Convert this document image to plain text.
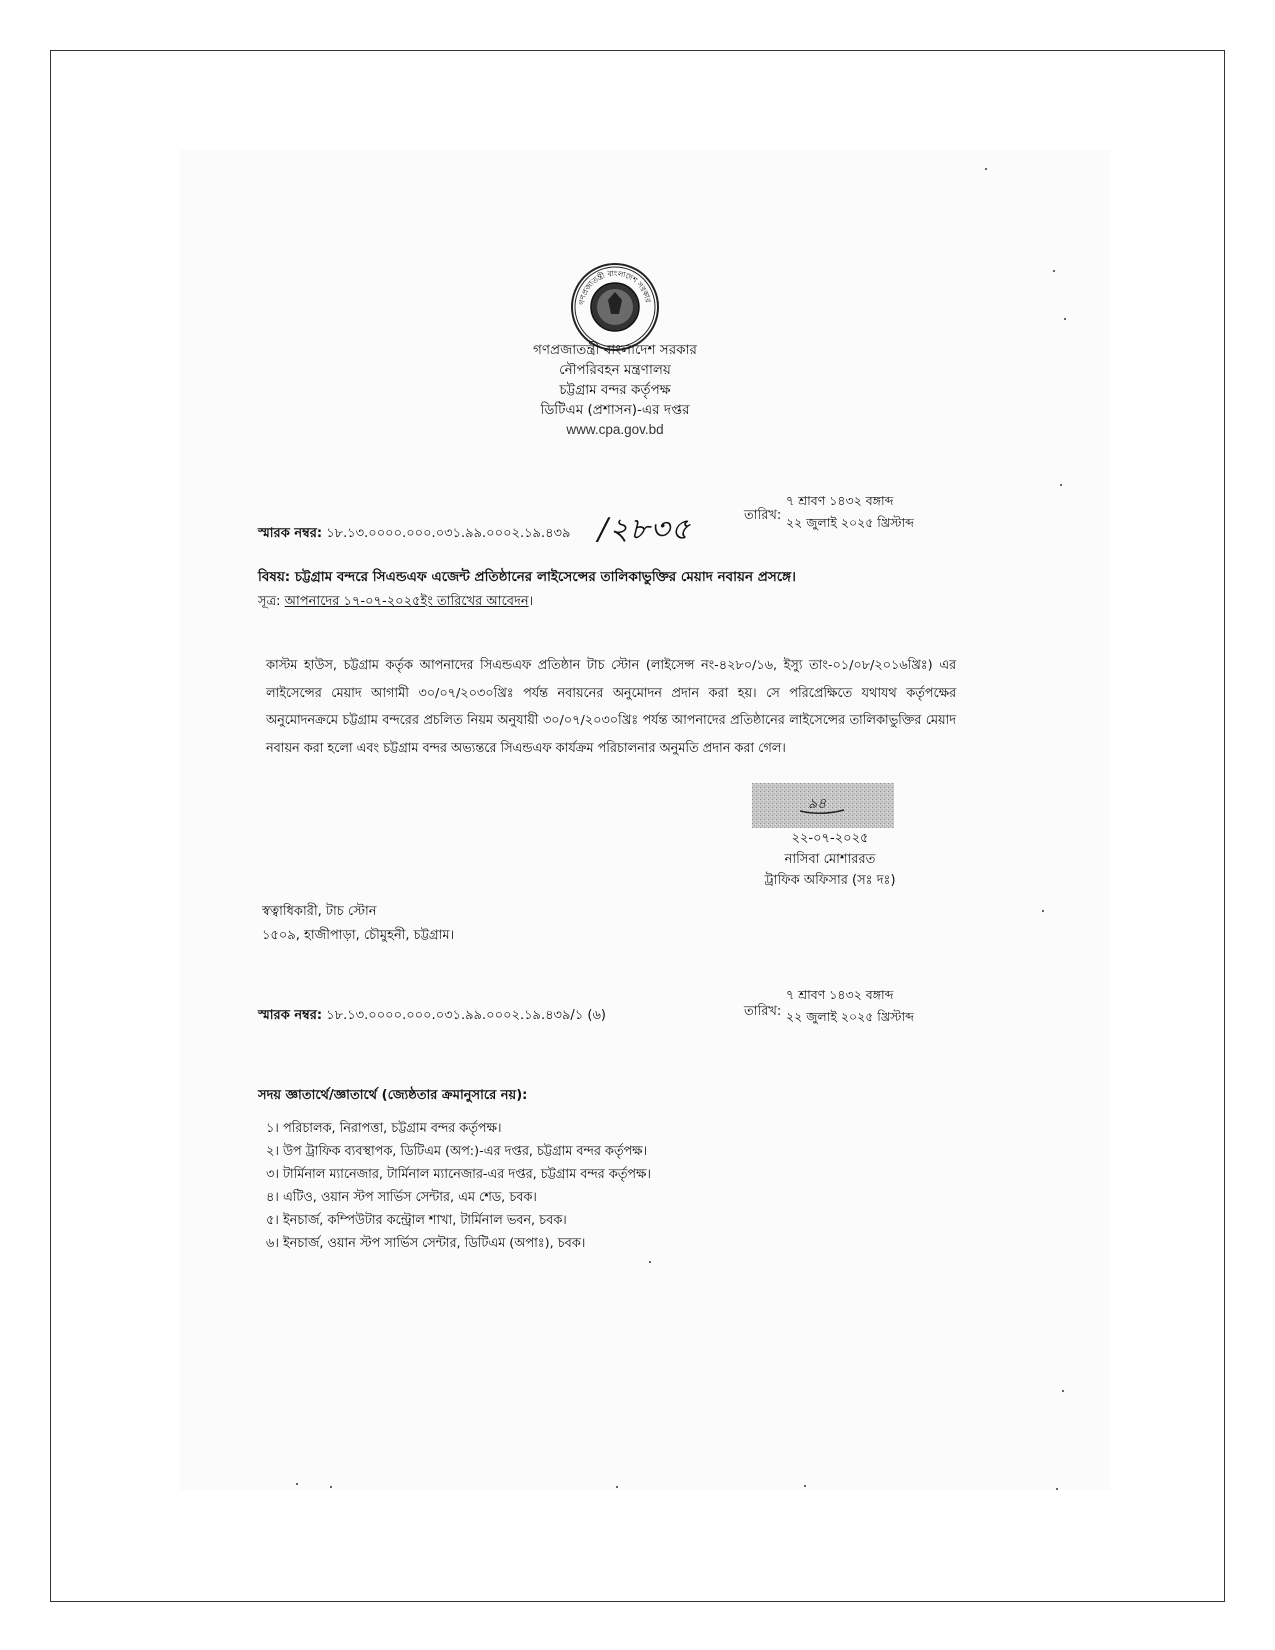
গণপ্রজাতন্ত্রী বাংলাদেশ সরকার
গণপ্রজাতন্ত্রী বাংলাদেশ সরকার
নৌপরিবহন মন্ত্রণালয়
চট্টগ্রাম বন্দর কর্তৃপক্ষ
ডিটিএম (প্রশাসন)-এর দপ্তর
www.cpa.gov.bd
স্মারক নম্বর: ১৮.১৩.০০০০.০০০.০৩১.৯৯.০০০২.১৯.৪৩৯ /২৮৩৫	তারিখ:
৭ শ্রাবণ ১৪৩২ বঙ্গাব্দ
২২ জুলাই ২০২৫ খ্রিস্টাব্দ
বিষয়: চট্টগ্রাম বন্দরে সিএন্ডএফ এজেন্ট প্রতিষ্ঠানের লাইসেন্সের তালিকাভুক্তির মেয়াদ নবায়ন প্রসঙ্গে।
সূত্র: আপনাদের ১৭-০৭-২০২৫ইং তারিখের আবেদন।

কাস্টম হাউস, চট্টগ্রাম কর্তৃক আপনাদের সিএন্ডএফ প্রতিষ্ঠান টাচ স্টোন (লাইসেন্স নং-৪২৮০/১৬, ইস্যু তাং-০১/০৮/২০১৬খ্রিঃ) এর লাইসেন্সের মেয়াদ আগামী ৩০/০৭/২০৩০খ্রিঃ পর্যন্ত নবায়নের অনুমোদন প্রদান করা হয়। সে পরিপ্রেক্ষিতে যথাযথ কর্তৃপক্ষের অনুমোদনক্রমে চট্টগ্রাম বন্দরের প্রচলিত নিয়ম অনুযায়ী ৩০/০৭/২০৩০খ্রিঃ পর্যন্ত আপনাদের প্রতিষ্ঠানের লাইসেন্সের তালিকাভুক্তির মেয়াদ নবায়ন করা হলো এবং চট্টগ্রাম বন্দর অভ্যন্তরে সিএন্ডএফ কার্যক্রম পরিচালনার অনুমতি প্রদান করা গেল।

৯৪
২২-০৭-২০২৫
নাসিবা মোশাররত
ট্রাফিক অফিসার (সঃ দঃ)
স্বত্বাধিকারী, টাচ স্টোন
১৫০৯, হাজীপাড়া, চৌমুহনী, চট্টগ্রাম।
স্মারক নম্বর: ১৮.১৩.০০০০.০০০.০৩১.৯৯.০০০২.১৯.৪৩৯/১ (৬)	তারিখ:
৭ শ্রাবণ ১৪৩২ বঙ্গাব্দ
২২ জুলাই ২০২৫ খ্রিস্টাব্দ
সদয় জ্ঞাতার্থে/জ্ঞাতার্থে (জ্যেষ্ঠতার ক্রমানুসারে নয়):
১। পরিচালক, নিরাপত্তা, চট্টগ্রাম বন্দর কর্তৃপক্ষ।
২। উপ ট্রাফিক ব্যবস্থাপক, ডিটিএম (অপ:)-এর দপ্তর, চট্টগ্রাম বন্দর কর্তৃপক্ষ।
৩। টার্মিনাল ম্যানেজার, টার্মিনাল ম্যানেজার-এর দপ্তর, চট্টগ্রাম বন্দর কর্তৃপক্ষ।
৪। এটিও, ওয়ান স্টপ সার্ভিস সেন্টার, এম শেড, চবক।
৫। ইনচার্জ, কম্পিউটার কন্ট্রোল শাখা, টার্মিনাল ভবন, চবক।
৬। ইনচার্জ, ওয়ান স্টপ সার্ভিস সেন্টার, ডিটিএম (অপাঃ), চবক।
